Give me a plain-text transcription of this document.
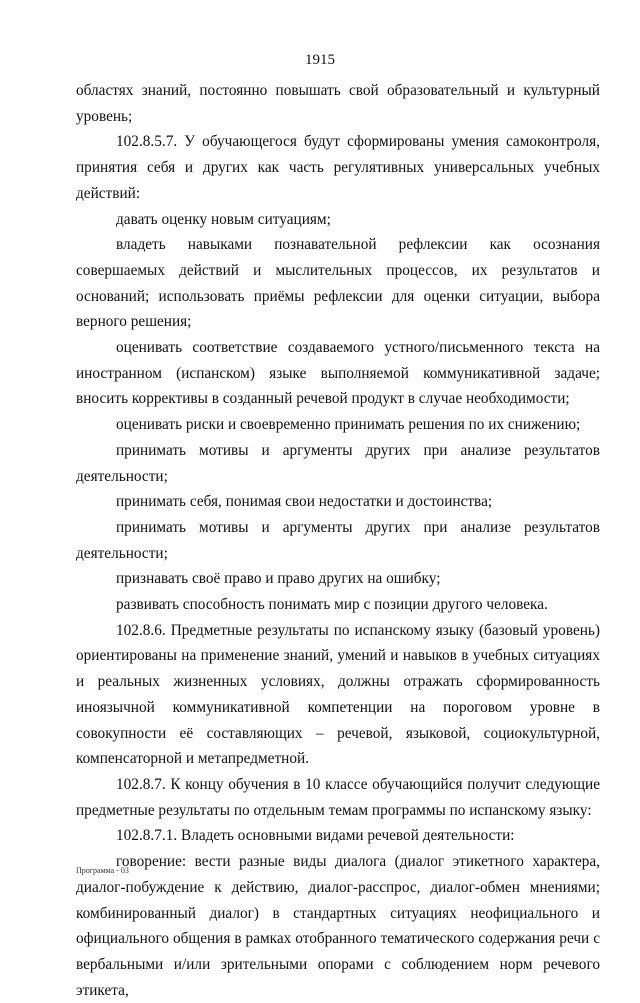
1915

областях знаний, постоянно повышать свой образовательный и культурный уровень;

102.8.5.7. У обучающегося будут сформированы умения самоконтроля, принятия себя и других как часть регулятивных универсальных учебных действий:

давать оценку новым ситуациям;

владеть навыками познавательной рефлексии как осознания совершаемых действий и мыслительных процессов, их результатов и оснований; использовать приёмы рефлексии для оценки ситуации, выбора верного решения;

оценивать соответствие создаваемого устного/письменного текста на иностранном (испанском) языке выполняемой коммуникативной задаче; вносить коррективы в созданный речевой продукт в случае необходимости;

оценивать риски и своевременно принимать решения по их снижению;

принимать мотивы и аргументы других при анализе результатов деятельности;

принимать себя, понимая свои недостатки и достоинства;

принимать мотивы и аргументы других при анализе результатов деятельности;

признавать своё право и право других на ошибку;

развивать способность понимать мир с позиции другого человека.

102.8.6. Предметные результаты по испанскому языку (базовый уровень) ориентированы на применение знаний, умений и навыков в учебных ситуациях и реальных жизненных условиях, должны отражать сформированность иноязычной коммуникативной компетенции на пороговом уровне в совокупности её составляющих – речевой, языковой, социокультурной, компенсаторной и метапредметной.

102.8.7. К концу обучения в 10 классе обучающийся получит следующие предметные результаты по отдельным темам программы по испанскому языку:

102.8.7.1. Владеть основными видами речевой деятельности:

говорение: вести разные виды диалога (диалог этикетного характера, диалог-побуждение к действию, диалог-расспрос, диалог-обмен мнениями; комбинированный диалог) в стандартных ситуациях неофициального и официального общения в рамках отобранного тематического содержания речи с вербальными и/или зрительными опорами с соблюдением норм речевого этикета,

Программа - 03
